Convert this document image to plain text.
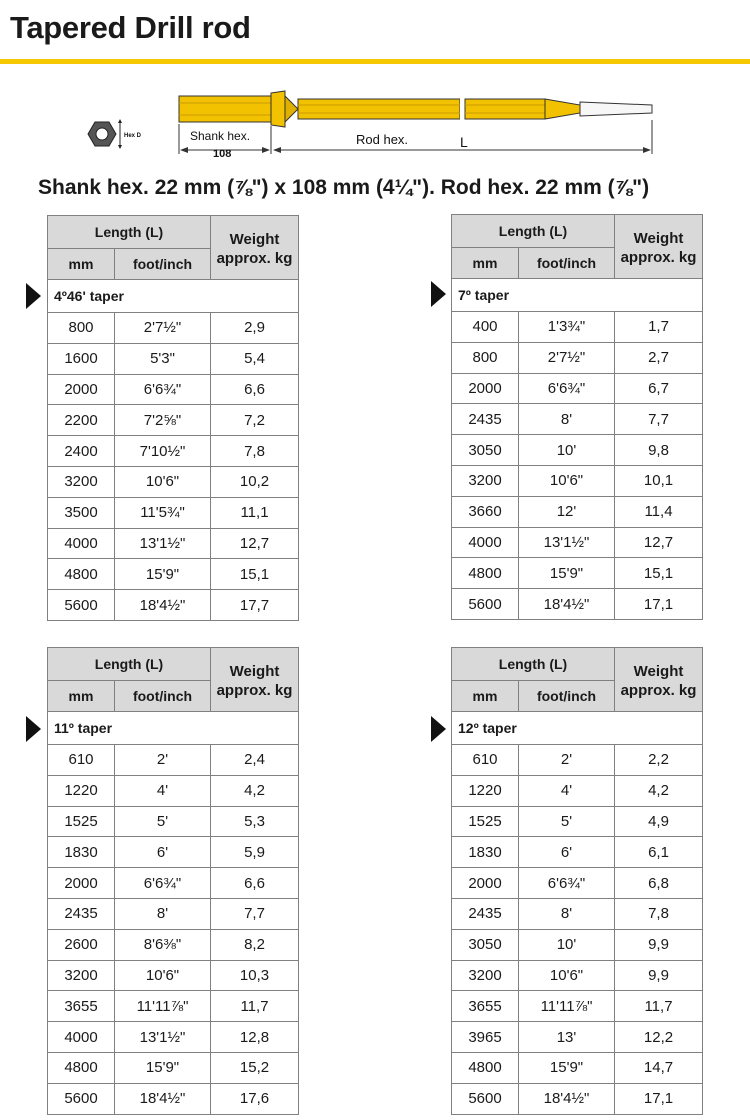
Tapered Drill rod
Hex D	Shank hex.
108
Rod hex.	L
Shank hex. 22 mm (⅞") x 108 mm (4¼"). Rod hex. 22 mm (⅞")
Length (L)		Weight
approx. kg
mm	foot/inch	
4º46' taper		
800	2'7½"	2,9
1600	5'3"	5,4
2000	6'6¾"	6,6
2200	7'2⅝"	7,2
2400	7'10½"	7,8
3200	10'6"	10,2
3500	11'5¾"	11,1
4000	13'1½"	12,7
4800	15'9"	15,1
5600	18'4½"	17,7
Length (L)		Weight
approx. kg
mm	foot/inch	
7º taper		
400	1'3¾"	1,7
800	2'7½"	2,7
2000	6'6¾"	6,7
2435	8'	7,7
3050	10'	9,8
3200	10'6"	10,1
3660	12'	11,4
4000	13'1½"	12,7
4800	15'9"	15,1
5600	18'4½"	17,1
Length (L)		Weight
approx. kg
mm	foot/inch	
11º taper		
610	2'	2,4
1220	4'	4,2
1525	5'	5,3
1830	6'	5,9
2000	6'6¾"	6,6
2435	8'	7,7
2600	8'6⅜"	8,2
3200	10'6"	10,3
3655	11'11⅞"	11,7
4000	13'1½"	12,8
4800	15'9"	15,2
5600	18'4½"	17,6
Length (L)		Weight
approx. kg
mm	foot/inch	
12º taper		
610	2'	2,2
1220	4'	4,2
1525	5'	4,9
1830	6'	6,1
2000	6'6¾"	6,8
2435	8'	7,8
3050	10'	9,9
3200	10'6"	9,9
3655	11'11⅞"	11,7
3965	13'	12,2
4800	15'9"	14,7
5600	18'4½"	17,1
